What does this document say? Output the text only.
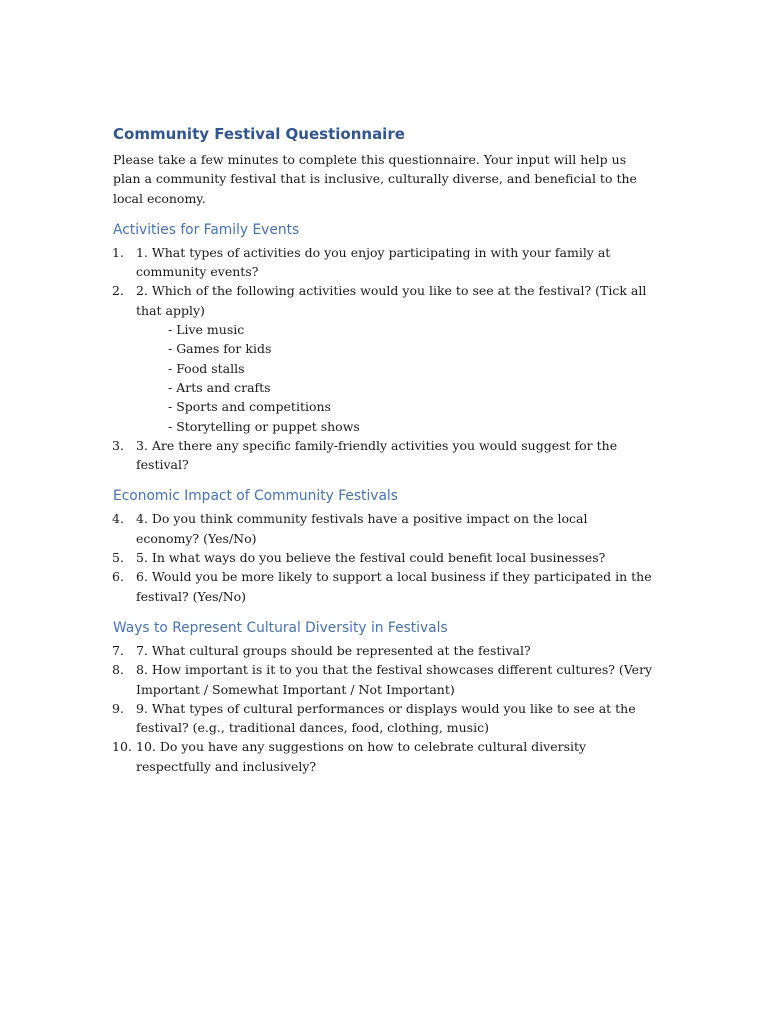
Community Festival Questionnaire

Please take a few minutes to complete this questionnaire. Your input will help us plan a community festival that is inclusive, culturally diverse, and beneficial to the local economy.

Activities for Family Events
1. 1. What types of activities do you enjoy participating in with your family at community events?
2. 2. Which of the following activities would you like to see at the festival? (Tick all that apply)
- Live music
- Games for kids
- Food stalls
- Arts and crafts
- Sports and competitions
- Storytelling or puppet shows
3. 3. Are there any specific family-friendly activities you would suggest for the festival?
Economic Impact of Community Festivals
4. 4. Do you think community festivals have a positive impact on the local economy? (Yes/No)
5. 5. In what ways do you believe the festival could benefit local businesses?
6. 6. Would you be more likely to support a local business if they participated in the festival? (Yes/No)
Ways to Represent Cultural Diversity in Festivals
7. 7. What cultural groups should be represented at the festival?
8. 8. How important is it to you that the festival showcases different cultures? (Very Important / Somewhat Important / Not Important)
9. 9. What types of cultural performances or displays would you like to see at the festival? (e.g., traditional dances, food, clothing, music)
10. 10. Do you have any suggestions on how to celebrate cultural diversity respectfully and inclusively?
